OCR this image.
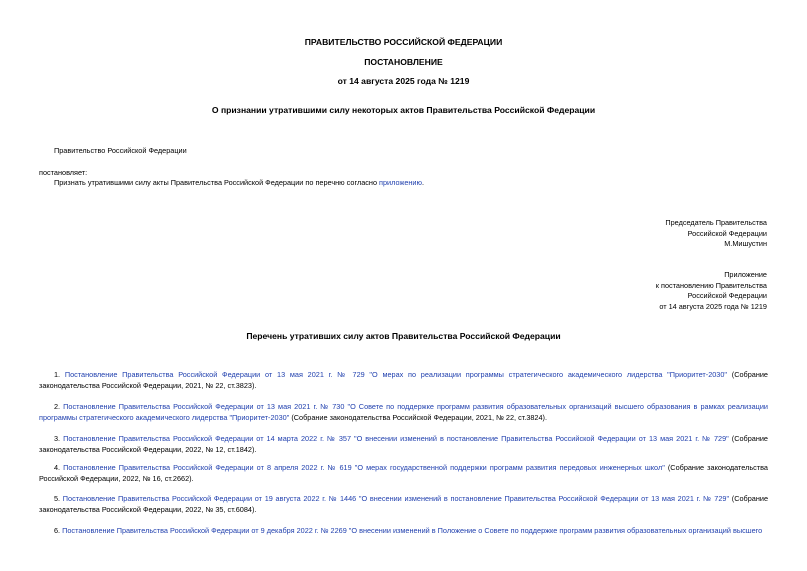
ПРАВИТЕЛЬСТВО РОССИЙСКОЙ ФЕДЕРАЦИИ
ПОСТАНОВЛЕНИЕ
от 14 августа 2025 года № 1219
О признании утратившими силу некоторых актов Правительства Российской Федерации
Правительство Российской Федерации
постановляет:
Признать утратившими силу акты Правительства Российской Федерации по перечню согласно приложению.
Председатель Правительства
Российской Федерации
М.Мишустин
Приложение
к постановлению Правительства
Российской Федерации
от 14 августа 2025 года № 1219
Перечень утративших силу актов Правительства Российской Федерации
1. Постановление Правительства Российской Федерации от 13 мая 2021 г. № 729 "О мерах по реализации программы стратегического академического лидерства "Приоритет-2030" (Собрание законодательства Российской Федерации, 2021, № 22, ст.3823).
2. Постановление Правительства Российской Федерации от 13 мая 2021 г. № 730 "О Совете по поддержке программ развития образовательных организаций высшего образования в рамках реализации программы стратегического академического лидерства "Приоритет-2030" (Собрание законодательства Российской Федерации, 2021, № 22, ст.3824).
3. Постановление Правительства Российской Федерации от 14 марта 2022 г. № 357 "О внесении изменений в постановление Правительства Российской Федерации от 13 мая 2021 г. № 729" (Собрание законодательства Российской Федерации, 2022, № 12, ст.1842).
4. Постановление Правительства Российской Федерации от 8 апреля 2022 г. № 619 "О мерах государственной поддержки программ развития передовых инженерных школ" (Собрание законодательства Российской Федерации, 2022, № 16, ст.2662).
5. Постановление Правительства Российской Федерации от 19 августа 2022 г. № 1446 "О внесении изменений в постановление Правительства Российской Федерации от 13 мая 2021 г. № 729" (Собрание законодательства Российской Федерации, 2022, № 35, ст.6084).
6. Постановление Правительства Российской Федерации от 9 декабря 2022 г. № 2269 "О внесении изменений в Положение о Совете по поддержке программ развития образовательных организаций высшего
